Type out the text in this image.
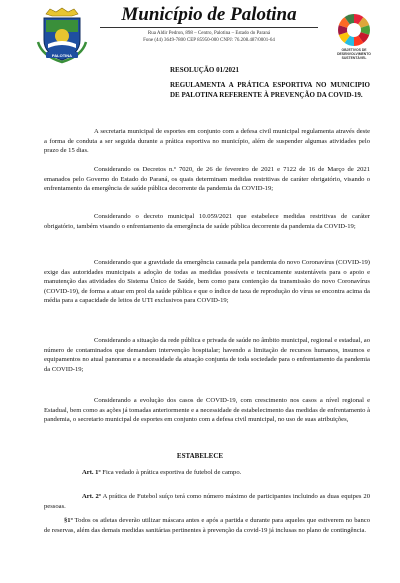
PALOTINA

Município de Palotina

Rua Aldir Pedron, 898 – Centro, Palotina – Estado do Paraná

Fone (44) 3649-7800 CEP 85950-000 CNPJ: 76.208.487/0001-64

OBJETIVOS DE DESENVOLVIMENTO SUSTENTÁVEL

RESOLUÇÃO 01/2021

REGULAMENTA A PRÁTICA ESPORTIVA NO MUNICIPIO DE PALOTINA REFERENTE À PREVENÇÃO DA COVID-19.

A secretaria municipal de esportes em conjunto com a defesa civil municipal regulamenta através deste a forma de conduta a ser seguida durante a prática esportiva no município, além de suspender algumas atividades pelo prazo de 15 dias.

Considerando os Decretos n.º 7020, de 26 de fevereiro de 2021 e 7122 de 16 de Março de 2021 emanados pelo Governo do Estado do Paraná, os quais determinam medidas restritivas de caráter obrigatório, visando o enfrentamento da emergência de saúde pública decorrente da pandemia da COVID-19;

Considerando o decreto municipal 10.059/2021 que estabelece medidas restritivas de caráter obrigatório, também visando o enfrentamento da emergência de saúde pública decorrente da pandemia da COVID-19;

Considerando que a gravidade da emergência causada pela pandemia do novo Coronavírus (COVID-19) exige das autoridades municipais a adoção de todas as medidas possíveis e tecnicamente sustentáveis para o apoio e manutenção das atividades do Sistema Único de Saúde, bem como para contenção da transmissão do novo Coronavírus (COVID-19), de forma a atuar em prol da saúde pública e que o índice de taxa de reprodução do vírus se encontra acima da média para a capacidade de leitos de UTI exclusivos para COVID-19;

Considerando a situação da rede pública e privada de saúde no âmbito municipal, regional e estadual, ao número de contaminados que demandam intervenção hospitalar; havendo a limitação de recursos humanos, insumos e equipamentos no atual panorama e a necessidade da atuação conjunta de toda sociedade para o enfrentamento da pandemia da COVID-19;

Considerando a evolução dos casos de COVID-19, com crescimento nos casos a nível regional e Estadual, bem como as ações já tomadas anteriormente e a necessidade de estabelecimento das medidas de enfrentamento à pandemia, o secretario municipal de esportes em conjunto com a defesa civil municipal, no uso de suas atribuições,

ESTABELECE

Art. 1º Fica vedado à prática esportiva de futebol de campo.

Art. 2º A prática de Futebol suíço terá como número máximo de participantes incluindo as duas equipes 20 pessoas.

§1º Todos os atletas deverão utilizar máscara antes e após a partida e durante para aqueles que estiverem no banco de reservas, além das demais medidas sanitárias pertinentes à prevenção da covid-19 já inclusas no plano de contingência.
